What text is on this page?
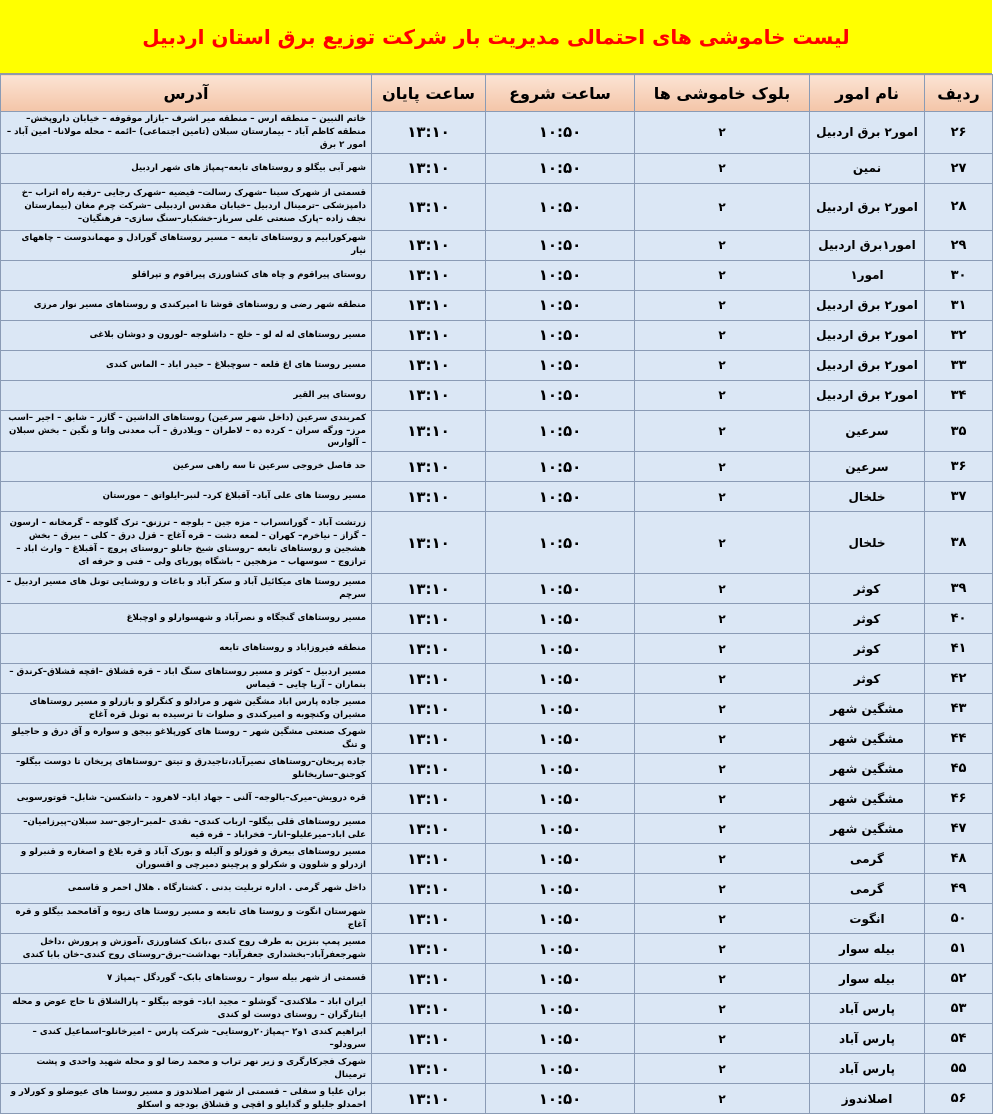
لیست خاموشی های احتمالی مدیریت بار شرکت توزیع برق استان اردبیل
ردیف	نام امور	بلوک خاموشی ها	ساعت شروع	ساعت پایان	آدرس
۲۶	امور۲ برق اردبیل	۲	۱۰:۵۰	۱۳:۱۰	خاتم النبین – منطقه ارس – منطقه میر اشرف –بازار موقوفه – خیابان داروپخش– منطقه کاظم آباد – بیمارستان سبلان (تامین اجتماعی) –ائمه – محله مولانا– امین آباد – امور ۲ برق
۲۷	نمین	۲	۱۰:۵۰	۱۳:۱۰	شهر آبی بیگلو و روستاهای تابعه–پمپاژ های شهر اردبیل
۲۸	امور۲ برق اردبیل	۲	۱۰:۵۰	۱۳:۱۰	قسمتی از شهرک سینا –شهرک رسالت– فیضیه –شهرک رجایی –رفیه راه اتراب –خ دامپزشکی –ترمینال اردبیل –خیابان مقدس اردبیلی –شرکت چرم مغان (بیمارستان نجف زاده –پارک صنعتی علی سرباز–خشکبار–سنگ سازی– فرهنگیان–
۲۹	امور۱برق اردبیل	۲	۱۰:۵۰	۱۳:۱۰	شهرکورابیم و روستاهای تابعه – مسیر روستاهای گورادل و مهماندوست – چاههای نیار
۳۰	امور۱	۲	۱۰:۵۰	۱۳:۱۰	روستای پیراقوم و چاه های کشاورزی پیراقوم و تپراقلو
۳۱	امور۲ برق اردبیل	۲	۱۰:۵۰	۱۳:۱۰	منطقه شهر رضی و روستاهای قوشا تا امیرکندی و روستاهای مسیر نوار مرزی
۳۲	امور۲ برق اردبیل	۲	۱۰:۵۰	۱۳:۱۰	مسیر روستاهای له له لو – خلج – داشلوجه –لورون و دوشان بلاغی
۳۳	امور۲ برق اردبیل	۲	۱۰:۵۰	۱۳:۱۰	مسیر روستا های اغ قلعه – سوچبلاغ – حیدر اباد – الماس کندی
۳۴	امور۲ برق اردبیل	۲	۱۰:۵۰	۱۳:۱۰	روستای پیر القیر
۳۵	سرعین	۲	۱۰:۵۰	۱۳:۱۰	کمربندی سرعین (داخل شهر سرعین) روستاهای الداشین – گازر – شابق – اجیر –اسب مرز– ورگه سران – کرده ده – لاطران – ویلادرق – آب معدنی واتا و نگین – بخش سبلان – آلوارس
۳۶	سرعین	۲	۱۰:۵۰	۱۳:۱۰	حد فاصل خروجی سرعین تا سه راهی سرعین
۳۷	خلخال	۲	۱۰:۵۰	۱۳:۱۰	مسیر روستا های علی آباد– آقبلاغ کرد– لنبر–ایلواتق – مورستان
۳۸	خلخال	۲	۱۰:۵۰	۱۳:۱۰	زرتشت آباد – گورانسراب – مزه جین – بلوجه – ترزنق– ترک گلوجه – گرمخانه – ارسون – گزاز – نیاخرم– کهران – لمعه دشت – قره آغاج – قزل درق – کلی – بیرق – بخش هشجین و روستاهای تابعه –روستای شیخ جانلو –روستای پروچ – آقبلاغ – وارث اباد – ترازوج – سوسهاب – مزهجین – باشگاه پوریای ولی – فنی و حرفه ای
۳۹	کوثر	۲	۱۰:۵۰	۱۳:۱۰	مسیر روستا های میکائیل آباد و سکر آباد و باغات و روشنایی تونل های مسیر اردبیل – سرچم
۴۰	کوثر	۲	۱۰:۵۰	۱۳:۱۰	مسیر روستاهای گنجگاه و نصرآباد و شهسوارلو و اوچبلاغ
۴۱	کوثر	۲	۱۰:۵۰	۱۳:۱۰	منطقه فیروزاباد و روستاهای تابعه
۴۲	کوثر	۲	۱۰:۵۰	۱۳:۱۰	مسیر اردبیل – کوثر و مسیر روستاهای سنگ اباد – قره قشلاق –اقچه قشلاق–کرندق – بنماران – آریا چایی – قیماس
۴۳	مشگین شهر	۲	۱۰:۵۰	۱۳:۱۰	مسیر جاده پارس اباد مشگین شهر و مرادلو و کنگرلو و بازرلو و مسیر روستاهای مشیران وکنچوبه و امیرکندی و صلوات تا ترسیده به تونل قره آغاج
۴۴	مشگین شهر	۲	۱۰:۵۰	۱۳:۱۰	شهرک صنعتی مشگین شهر – روستا های کورپلاغو بیجق و سواره و آق درق و حاجیلو و تنگ
۴۵	مشگین شهر	۲	۱۰:۵۰	۱۳:۱۰	جاده پریخان–روستاهای نصیرآباد،تاجیدرق و تیتق –روستاهای پریخان تا دوست بیگلو– کوجنق–ساریخانلو
۴۶	مشگین شهر	۲	۱۰:۵۰	۱۳:۱۰	قره درویش–میرک–بالوجه– آلنی – جهاد اباد– لاهرود – داشکسن– شابل– قوتورسویی
۴۷	مشگین شهر	۲	۱۰:۵۰	۱۳:۱۰	مسیر روستاهای قلی بیگلو– ارباب کندی– نقدی –لمبر–ارجق–سد سبلان–پیرزامیان–علی اباد–میرعلیلو–انار– فخراباد – قره قیه
۴۸	گرمی	۲	۱۰:۵۰	۱۳:۱۰	مسیر روستاهای بیعرق و قوزلو و آلیله و بورک آباد و قره بلاغ و اصغاره و قنبرلو و ازدرلو و شلوون و شکرلو و پرچینو دمیرچی و اقسوران
۴۹	گرمی	۲	۱۰:۵۰	۱۳:۱۰	داخل شهر گرمی . اداره تربلیت بدنی . کشتارگاه . هلال احمر و قاسمی
۵۰	انگوت	۲	۱۰:۵۰	۱۳:۱۰	شهرستان انگوت و روستا های تابعه و مسیر روستا های زیوه و آقامحمد بیگلو و قره آغاج
۵۱	بیله سوار	۲	۱۰:۵۰	۱۳:۱۰	مسیر پمپ بنزین به طرف روح کندی ،بانک کشاورزی ،آموزش و پرورش ،داخل شهرجعفرآباد–بخشداری جعفرآباد– بهداشت–برق–روستای روح کندی–خان بابا کندی
۵۲	بیله سوار	۲	۱۰:۵۰	۱۳:۱۰	قسمتی از شهر بیله سوار – روستاهای بابک– گوردگل –پمپاژ ۷
۵۳	پارس آباد	۲	۱۰:۵۰	۱۳:۱۰	ایران اباد – ملاکندی– گوشلو – مجید اباد– قوجه بیگلو – پارالشلاق تا حاج عوض و محله ایثارگران – روستای دوست لو کندی
۵۴	پارس آباد	۲	۱۰:۵۰	۱۳:۱۰	ابراهیم کندی ۱و۲ –پمپاژ۲۰روستایی– شرکت پارس – امیرخانلو–اسماعیل کندی – سرودلو–
۵۵	پارس آباد	۲	۱۰:۵۰	۱۳:۱۰	شهرک فجرکارگری و زیر نهر تراب و محمد رضا لو و محله شهید واحدی و پشت ترمینال
۵۶	اصلاندوز	۲	۱۰:۵۰	۱۳:۱۰	بران علیا و سفلی – قسمتی از شهر اصلاندوز و مسیر روستا های عیوضلو و کورلار و احمدلو جلیلو و گدایلو و اقچی و قشلاق بودجه و اسکلو
